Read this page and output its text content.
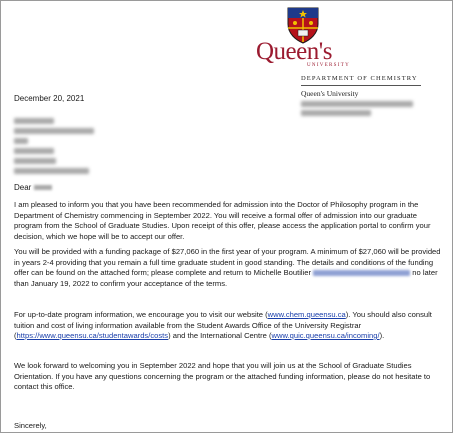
Queen's
UNIVERSITY
DEPARTMENT OF CHEMISTRY
Queen's University
December 20, 2021
Dear

I am pleased to inform you that you have been recommended for admission into the Doctor of Philosophy program in the Department of Chemistry commencing in September 2022. You will receive a formal offer of admission into our graduate program from the School of Graduate Studies. Upon receipt of this offer, please access the application portal to confirm your decision, which we hope will be to accept our offer.

You will be provided with a funding package of $27,060 in the first year of your program. A minimum of $27,060 will be provided in years 2-4 providing that you remain a full time graduate student in good standing. The details and conditions of the funding offer can be found on the attached form; please complete and return to Michelle Boutilier	no later than January 19, 2022 to confirm your acceptance of the terms.

For up-to-date program information, we encourage you to visit our website (www.chem.queensu.ca). You should also consult tuition and cost of living information available from the Student Awards Office of the University Registrar (https://www.queensu.ca/studentawards/costs) and the International Centre (www.quic.queensu.ca/incoming/).

We look forward to welcoming you in September 2022 and hope that you will join us at the School of Graduate Studies Orientation. If you have any questions concerning the program or the attached funding information, please do not hesitate to contact this office.

Sincerely,
